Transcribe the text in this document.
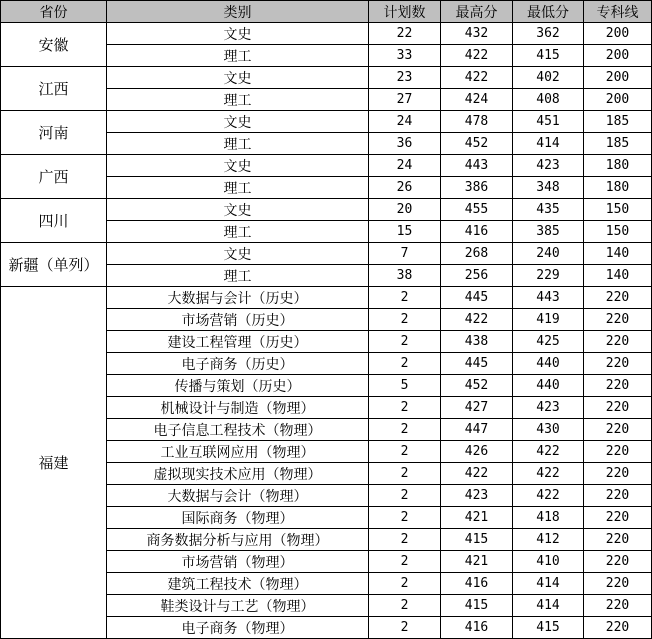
省份	类别	计划数	最高分	最低分	专科线
安徽	文史	22	432	362	200
	理工	33	422	415	200
江西	文史	23	422	402	200
	理工	27	424	408	200
河南	文史	24	478	451	185
	理工	36	452	414	185
广西	文史	24	443	423	180
	理工	26	386	348	180
四川	文史	20	455	435	150
	理工	15	416	385	150
新疆（单列）	文史	7	268	240	140
	理工	38	256	229	140
福建	大数据与会计（历史）	2	445	443	220
	市场营销（历史）	2	422	419	220
	建设工程管理（历史）	2	438	425	220
	电子商务（历史）	2	445	440	220
	传播与策划（历史）	5	452	440	220
	机械设计与制造（物理）	2	427	423	220
	电子信息工程技术（物理）	2	447	430	220
	工业互联网应用（物理）	2	426	422	220
	虚拟现实技术应用（物理）	2	422	422	220
	大数据与会计（物理）	2	423	422	220
	国际商务（物理）	2	421	418	220
	商务数据分析与应用（物理）	2	415	412	220
	市场营销（物理）	2	421	410	220
	建筑工程技术（物理）	2	416	414	220
	鞋类设计与工艺（物理）	2	415	414	220
	电子商务（物理）	2	416	415	220
